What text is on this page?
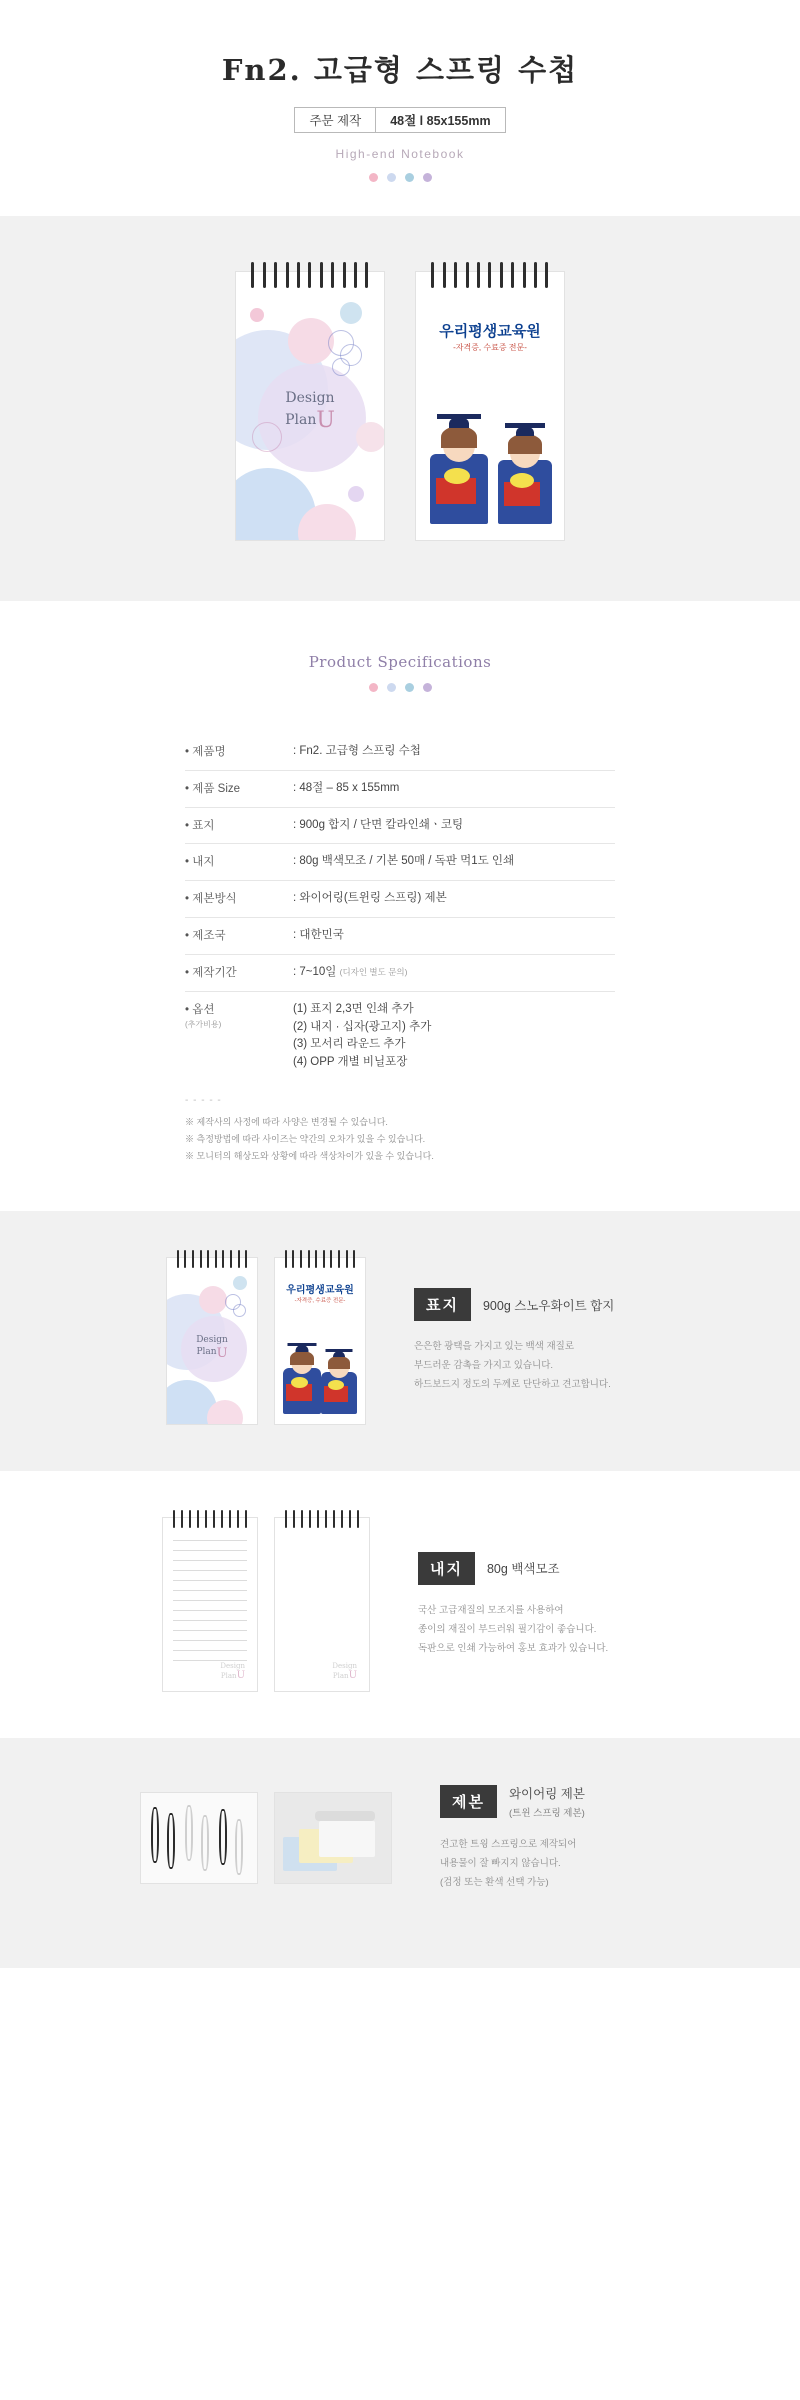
Fn2. 고급형 스프링 수첩
주문 제작	48절 l 85x155mm
High-end Notebook
Design
PlanU
우리평생교육원
-자격증, 수료증 전문-
Product Specifications
• 제품명	: Fn2. 고급형 스프링 수첩
• 제품 Size	: 48절 – 85 x 155mm
• 표지	: 900g 합지 / 단면 칼라인쇄ㆍ코팅
• 내지	: 80g 백색모조 / 기본 50매 / 독판 먹1도 인쇄
• 제본방식	: 와이어링(트윈링 스프링) 제본
• 제조국	: 대한민국
• 제작기간	: 7~10일 (디자인 별도 문의)
• 옵션
(추가비용)
(1) 표지 2,3면 인쇄 추가
(2) 내지 · 십자(광고지) 추가
(3) 모서리 라운드 추가
(4) OPP 개별 비닐포장
- - - - -
※ 제작사의 사정에 따라 사양은 변경될 수 있습니다.
※ 측정방법에 따라 사이즈는 약간의 오차가 있을 수 있습니다.
※ 모니터의 해상도와 상황에 따라 색상차이가 있을 수 있습니다.
Design
PlanU
우리평생교육원
-자격증, 수료증 전문-	표지	900g 스노우화이트 합지
은은한 광택을 가지고 있는 백색 재질로
부드러운 감촉을 가지고 있습니다.
하드보드지 정도의 두께로 단단하고 견고합니다.
Design
PlanU
Design
PlanU
내지	80g 백색모조
국산 고급재질의 모조지를 사용하여
종이의 재질이 부드러워 필기감이 좋습니다.
독판으로 인쇄 가능하여 홍보 효과가 있습니다.
제본	와이어링 제본
(트윈 스프링 제본)
견고한 트윙 스프링으로 제작되어
내용물이 잘 빠지지 않습니다.
(검정 또는 환색 선택 가능)
